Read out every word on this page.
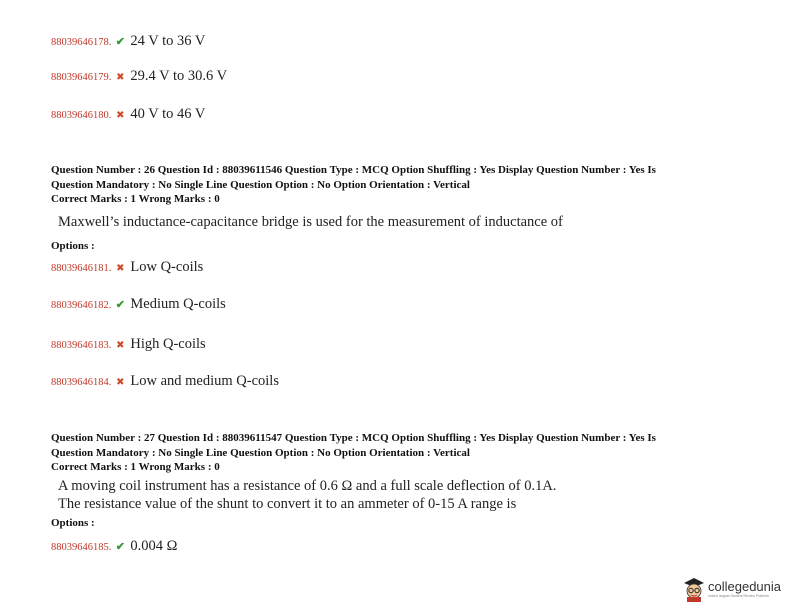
88039646178. ✔ 24 V to 36 V
88039646179. ✖ 29.4 V to 30.6 V
88039646180. ✖ 40 V to 46 V
Question Number : 26 Question Id : 88039611546 Question Type : MCQ Option Shuffling : Yes Display Question Number : Yes Is
Question Mandatory : No Single Line Question Option : No Option Orientation : Vertical
Correct Marks : 1 Wrong Marks : 0
Maxwell’s inductance-capacitance bridge is used for the measurement of inductance of
Options :
88039646181. ✖ Low Q-coils
88039646182. ✔ Medium Q-coils
88039646183. ✖ High Q-coils
88039646184. ✖ Low and medium Q-coils
Question Number : 27 Question Id : 88039611547 Question Type : MCQ Option Shuffling : Yes Display Question Number : Yes Is
Question Mandatory : No Single Line Question Option : No Option Orientation : Vertical
Correct Marks : 1 Wrong Marks : 0
A moving coil instrument has a resistance of 0.6 Ω and a full scale deflection of 0.1A.
The resistance value of the shunt to convert it to an ammeter of 0-15 A range is
Options :
88039646185. ✔ 0.004 Ω
collegedunia
India's largest Student Review Platform
